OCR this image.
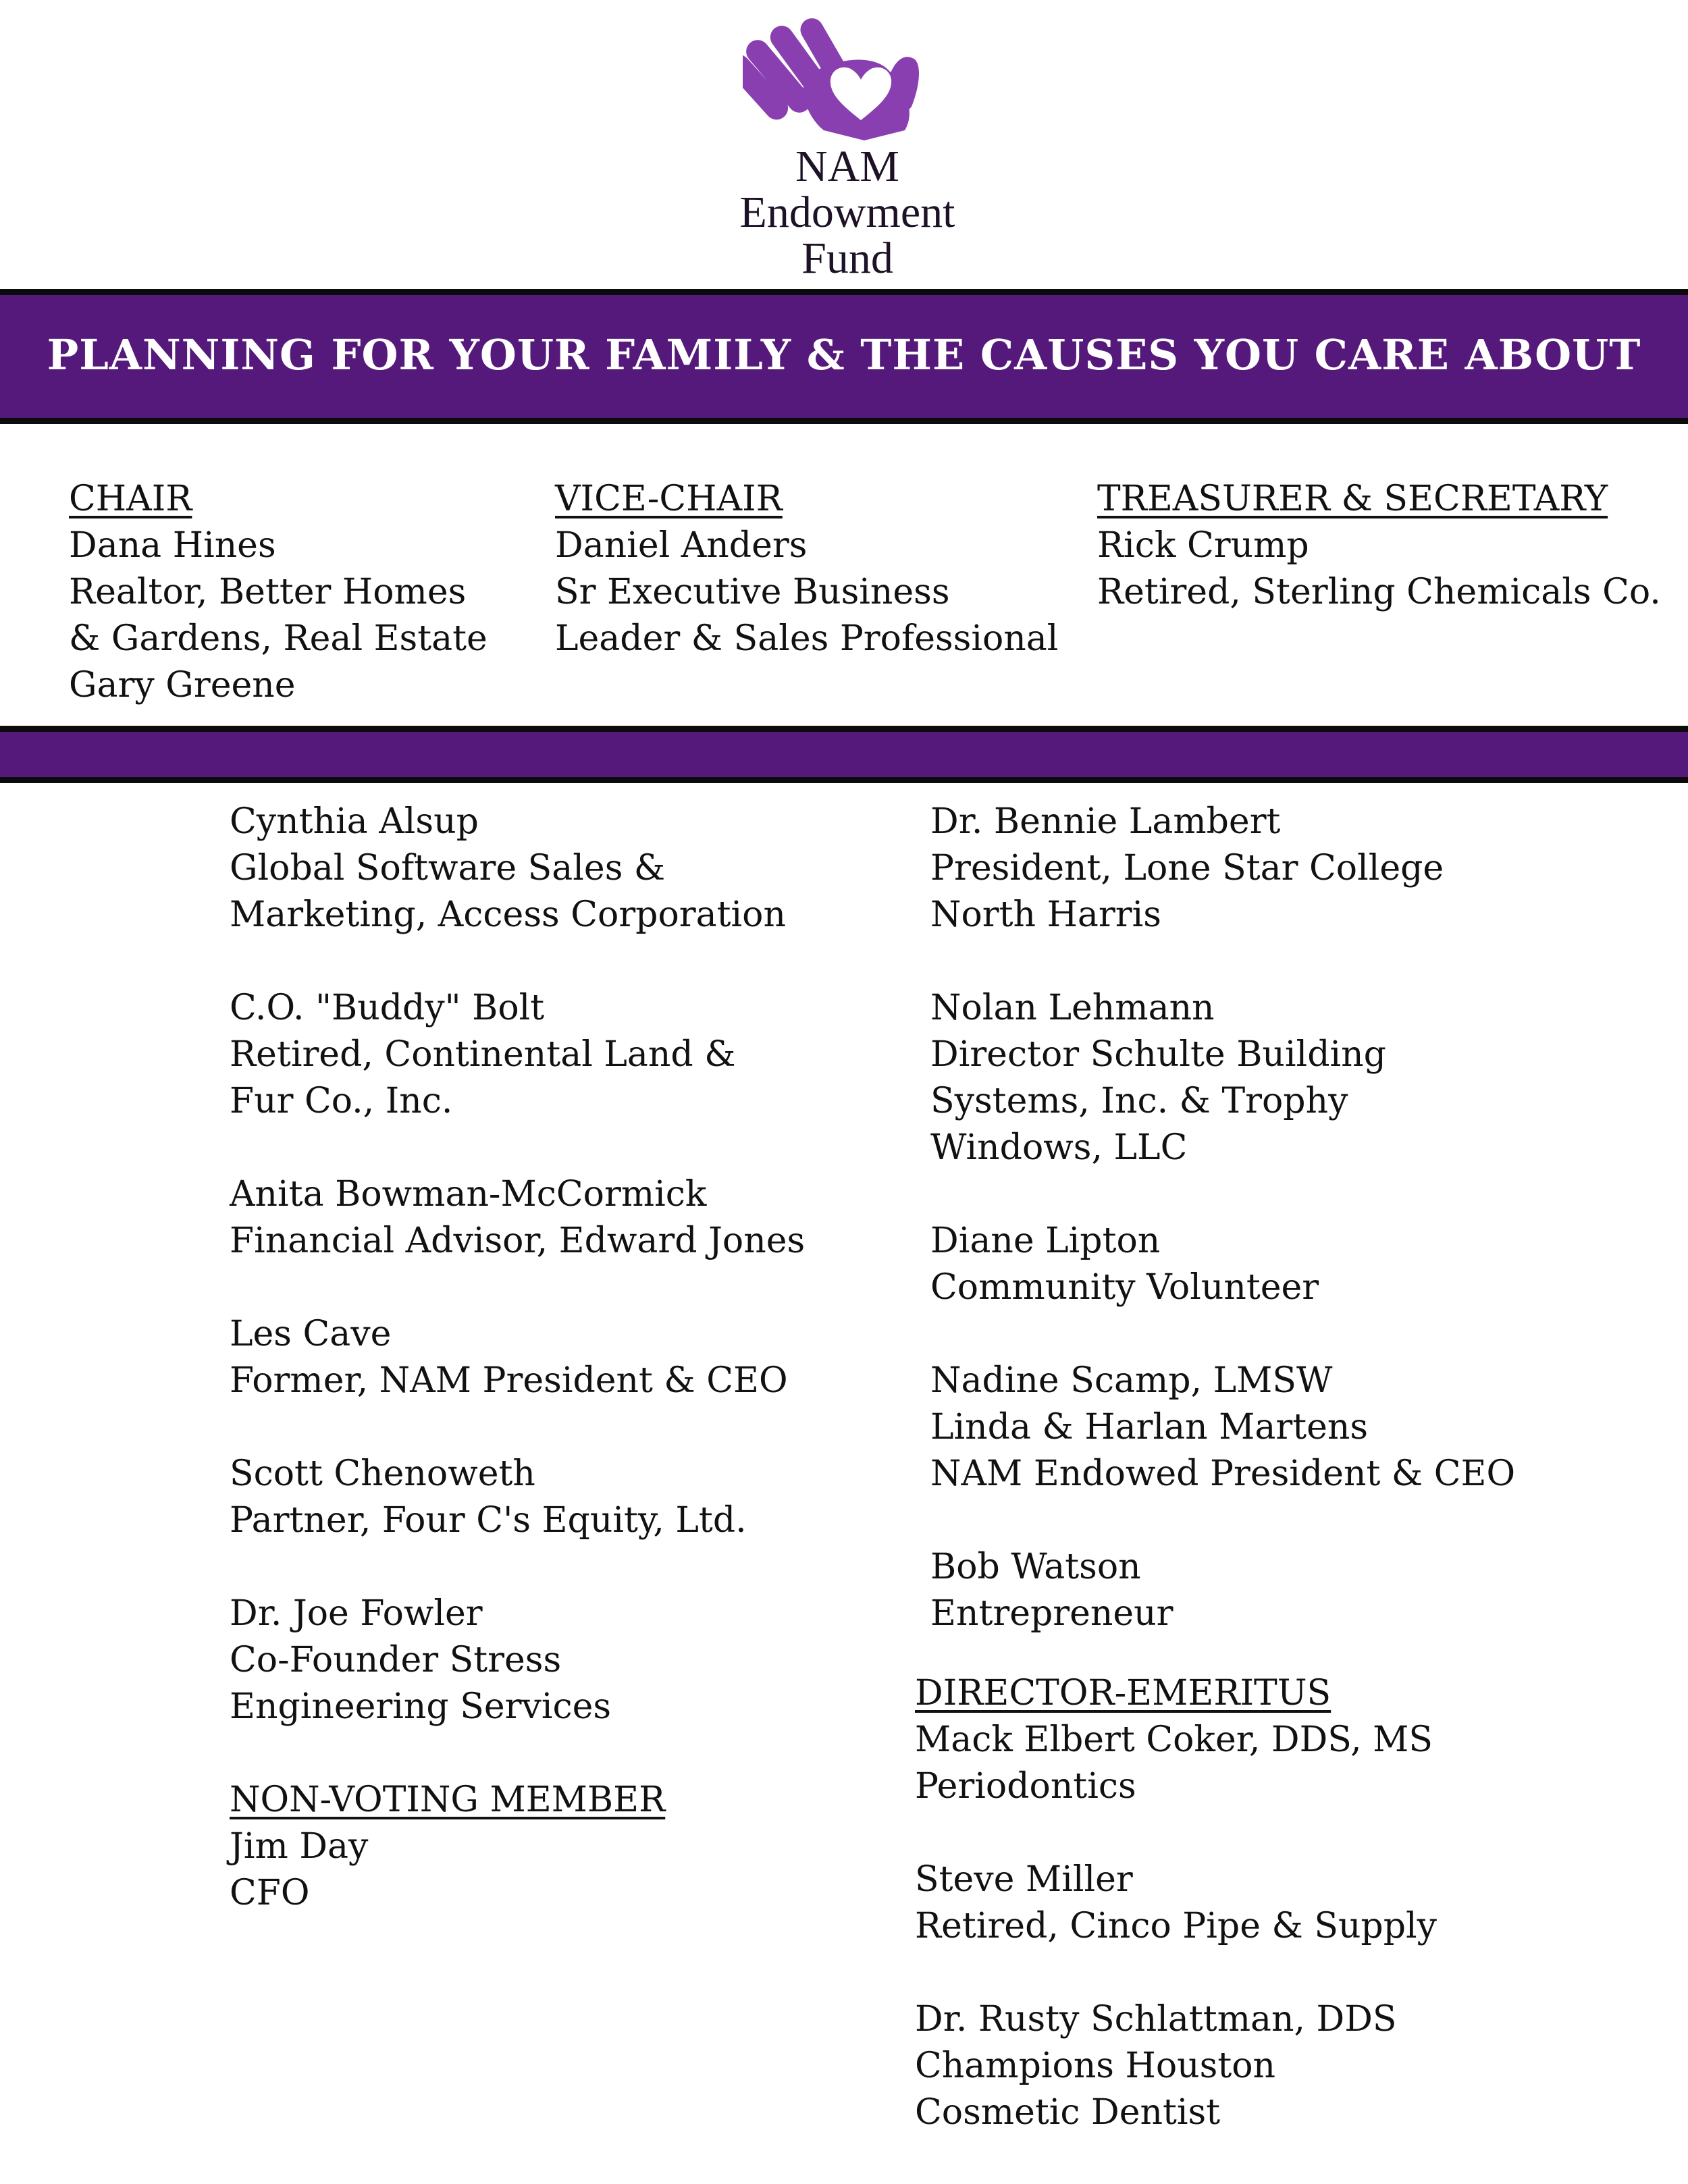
NAM
Endowment
Fund
PLANNING FOR YOUR FAMILY & THE CAUSES YOU CARE ABOUT
CHAIR
Dana Hines
Realtor, Better Homes
& Gardens, Real Estate
Gary Greene
VICE-CHAIR
Daniel Anders
Sr Executive Business
Leader & Sales Professional
TREASURER & SECRETARY
Rick Crump
Retired, Sterling Chemicals Co.
Cynthia Alsup
Global Software Sales &
Marketing, Access Corporation
C.O. "Buddy" Bolt
Retired, Continental Land &
Fur Co., Inc.
Anita Bowman-McCormick
Financial Advisor, Edward Jones
Les Cave
Former, NAM President & CEO
Scott Chenoweth
Partner, Four C's Equity, Ltd.
Dr. Joe Fowler
Co-Founder Stress
Engineering Services
NON-VOTING MEMBER
Jim Day
CFO
Dr. Bennie Lambert
President, Lone Star College
North Harris
Nolan Lehmann
Director Schulte Building
Systems, Inc. & Trophy
Windows, LLC
Diane Lipton
Community Volunteer
Nadine Scamp, LMSW
Linda & Harlan Martens
NAM Endowed President & CEO
Bob Watson
Entrepreneur
DIRECTOR-EMERITUS
Mack Elbert Coker, DDS, MS
Periodontics
Steve Miller
Retired, Cinco Pipe & Supply
Dr. Rusty Schlattman, DDS
Champions Houston
Cosmetic Dentist
